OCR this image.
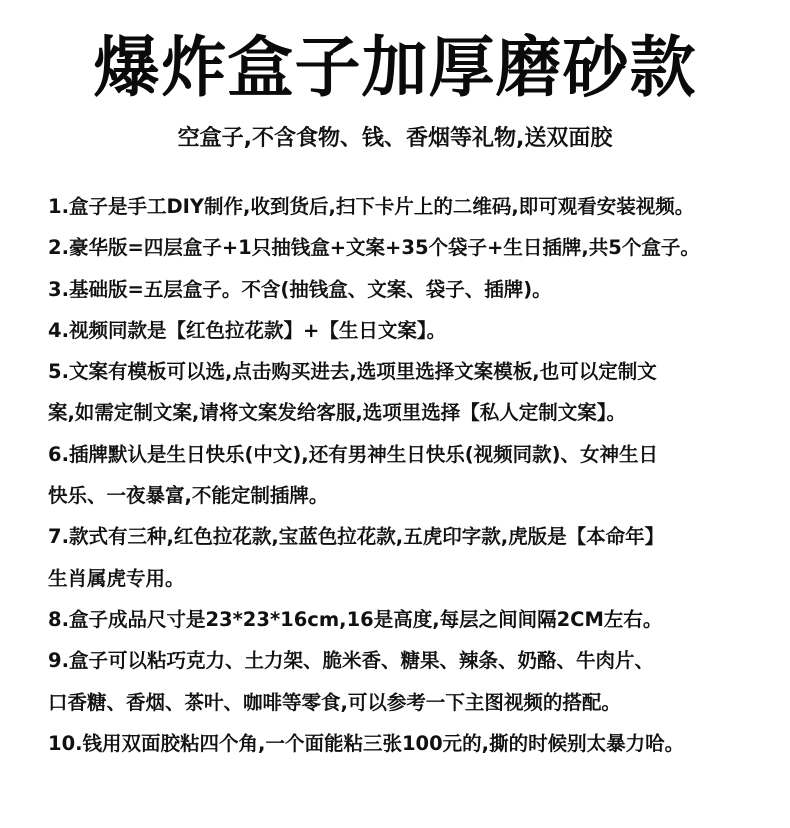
爆炸盒子加厚磨砂款
空盒子,不含食物、钱、香烟等礼物,送双面胶
1.盒子是手工DIY制作,收到货后,扫下卡片上的二维码,即可观看安装视频。
2.豪华版=四层盒子+1只抽钱盒+文案+35个袋子+生日插牌,共5个盒子。
3.基础版=五层盒子。不含(抽钱盒、文案、袋子、插牌)。
4.视频同款是【红色拉花款】+【生日文案】。
5.文案有模板可以选,点击购买进去,选项里选择文案模板,也可以定制文
案,如需定制文案,请将文案发给客服,选项里选择【私人定制文案】。
6.插牌默认是生日快乐(中文),还有男神生日快乐(视频同款)、女神生日
快乐、一夜暴富,不能定制插牌。
7.款式有三种,红色拉花款,宝蓝色拉花款,五虎印字款,虎版是【本命年】
生肖属虎专用。
8.盒子成品尺寸是23*23*16cm,16是高度,每层之间间隔2CM左右。
9.盒子可以粘巧克力、土力架、脆米香、糖果、辣条、奶酪、牛肉片、
口香糖、香烟、茶叶、咖啡等零食,可以参考一下主图视频的搭配。
10.钱用双面胶粘四个角,一个面能粘三张100元的,撕的时候别太暴力哈。
